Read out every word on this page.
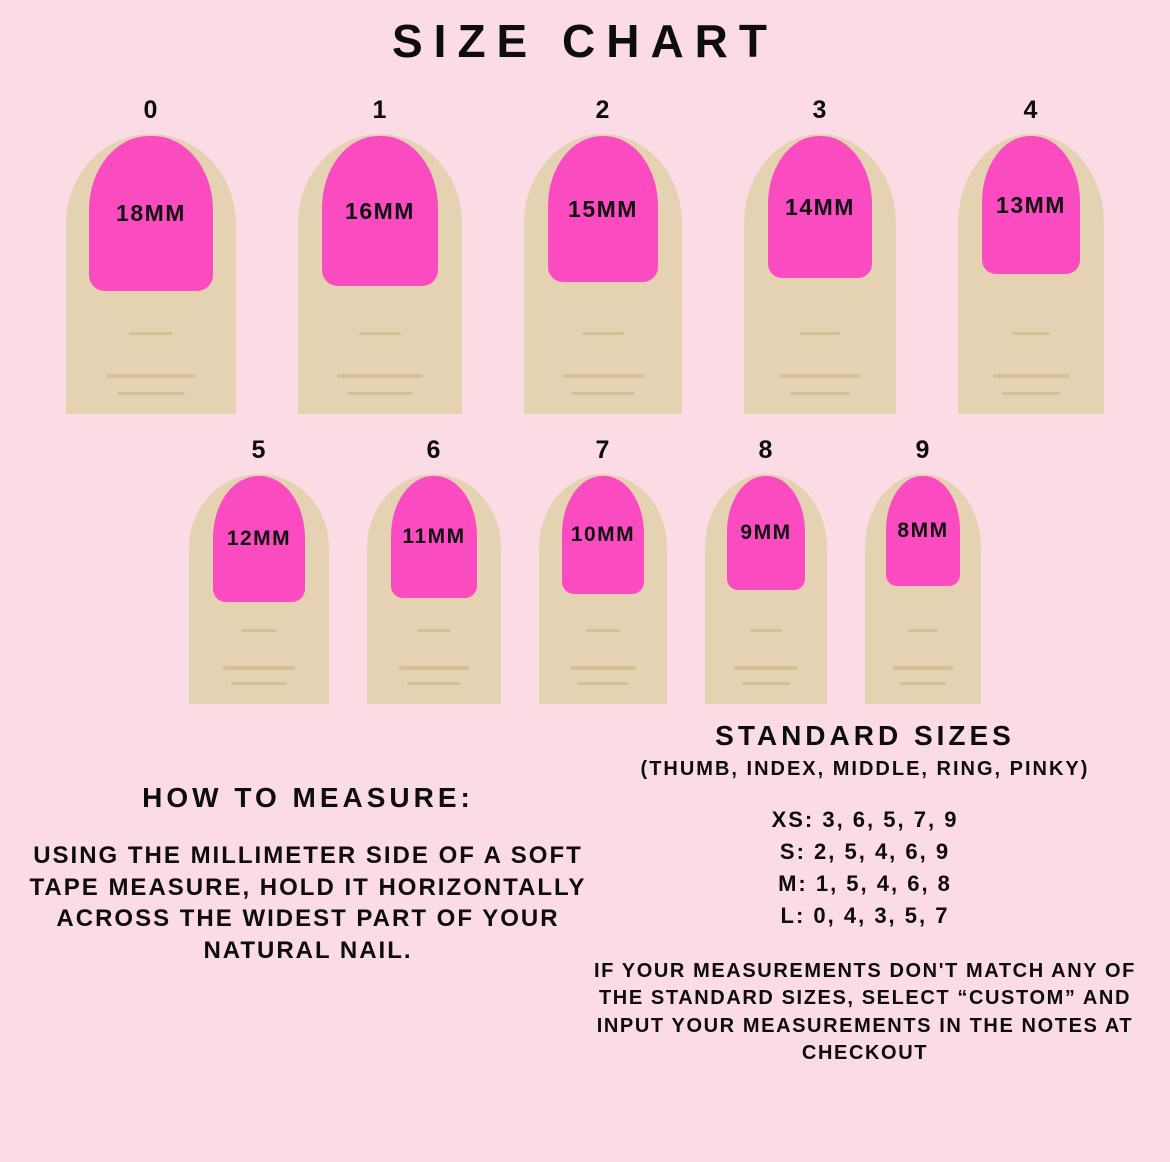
SIZE CHART
0
18MM
1
16MM
2
15MM
3
14MM
4
13MM
5
12MM
6
11MM
7
10MM
8
9MM
9
8MM
HOW TO MEASURE:

USING THE MILLIMETER SIDE OF A SOFT TAPE MEASURE, HOLD IT HORIZONTALLY ACROSS THE WIDEST PART OF YOUR NATURAL NAIL.

STANDARD SIZES
(THUMB, INDEX, MIDDLE, RING, PINKY)
XS: 3, 6, 5, 7, 9
S: 2, 5, 4, 6, 9
M: 1, 5, 4, 6, 8
L: 0, 4, 3, 5, 7

IF YOUR MEASUREMENTS DON'T MATCH ANY OF THE STANDARD SIZES, SELECT “CUSTOM” AND INPUT YOUR MEASUREMENTS IN THE NOTES AT CHECKOUT
